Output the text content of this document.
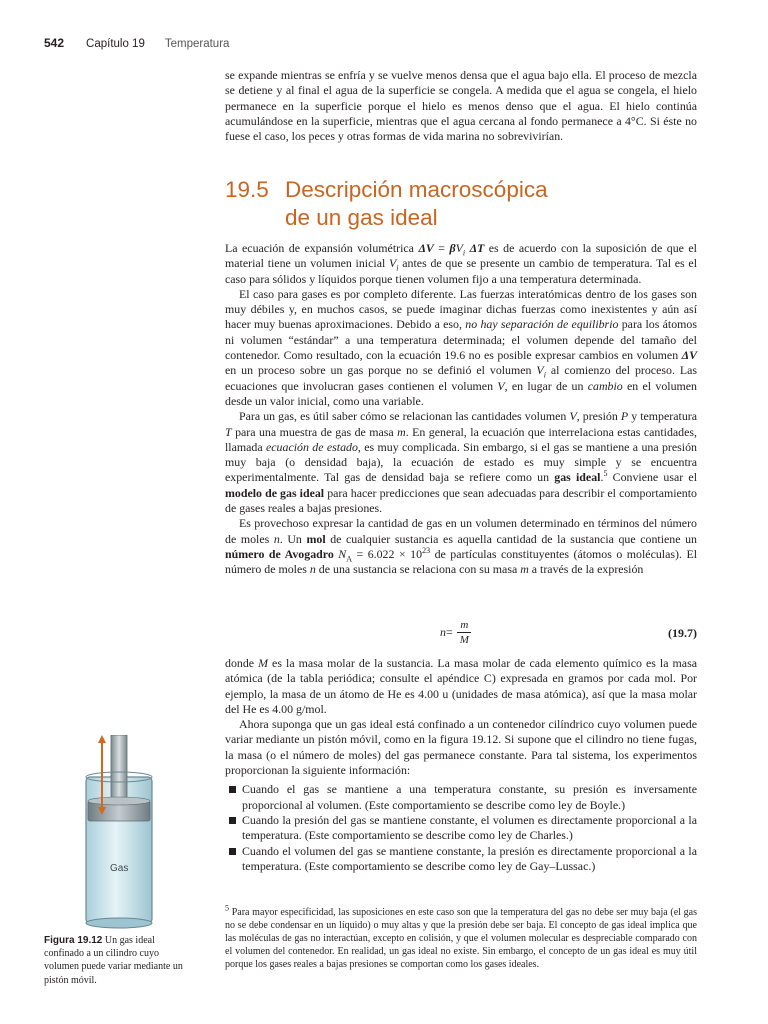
542 Capítulo 19 Temperatura

se expande mientras se enfría y se vuelve menos densa que el agua bajo ella. El proceso de mezcla se detiene y al final el agua de la superficie se congela. A medida que el agua se congela, el hielo permanece en la superficie porque el hielo es menos denso que el agua. El hielo continúa acumulándose en la superficie, mientras que el agua cercana al fondo permanece a 4°C. Si éste no fuese el caso, los peces y otras formas de vida marina no sobrevivirían.

19.5 Descripción macroscópica
de un gas ideal

La ecuación de expansión volumétrica $\Delta V = \beta V_i$ ΔT es de acuerdo con la suposición de que el material tiene un volumen inicial $V_i$ antes de que se presente un cambio de temperatura. Tal es el caso para sólidos y líquidos porque tienen volumen fijo a una temperatura determinada.

El caso para gases es por completo diferente. Las fuerzas interatómicas dentro de los gases son muy débiles y, en muchos casos, se puede imaginar dichas fuerzas como inexistentes y aún así hacer muy buenas aproximaciones. Debido a eso, no hay separación de equilibrio para los átomos ni volumen “estándar” a una temperatura determinada; el volumen depende del tamaño del contenedor. Como resultado, con la ecuación 19.6 no es posible expresar cambios en volumen ΔV en un proceso sobre un gas porque no se definió el volumen $V_i$ al comienzo del proceso. Las ecuaciones que involucran gases contienen el volumen V, en lugar de un cambio en el volumen desde un valor inicial, como una variable.

Para un gas, es útil saber cómo se relacionan las cantidades volumen V, presión P y temperatura T para una muestra de gas de masa m. En general, la ecuación que interrelaciona estas cantidades, llamada ecuación de estado, es muy complicada. Sin embargo, si el gas se mantiene a una presión muy baja (o densidad baja), la ecuación de estado es muy simple y se encuentra experimentalmente. Tal gas de densidad baja se refiere como un gas ideal.$^5$ Conviene usar el modelo de gas ideal para hacer predicciones que sean adecuadas para describir el comportamiento de gases reales a bajas presiones.

Es provechoso expresar la cantidad de gas en un volumen determinado en términos del número de moles n. Un mol de cualquier sustancia es aquella cantidad de la sustancia que contiene un número de Avogadro $N_A = 6.022 \times 10^{23}$ de partículas constituyentes (átomos o moléculas). El número de moles n de una sustancia se relaciona con su masa m a través de la expresión

$n = \frac{m}{M}$	(19.7)

donde M es la masa molar de la sustancia. La masa molar de cada elemento químico es la masa atómica (de la tabla periódica; consulte el apéndice C) expresada en gramos por cada mol. Por ejemplo, la masa de un átomo de He es 4.00 u (unidades de masa atómica), así que la masa molar del He es 4.00 g/mol.

Ahora suponga que un gas ideal está confinado a un contenedor cilíndrico cuyo volumen puede variar mediante un pistón móvil, como en la figura 19.12. Si supone que el cilindro no tiene fugas, la masa (o el número de moles) del gas permanece constante. Para tal sistema, los experimentos proporcionan la siguiente información:

Cuando el gas se mantiene a una temperatura constante, su presión es inversamente proporcional al volumen. (Este comportamiento se describe como ley de Boyle.)
Cuando la presión del gas se mantiene constante, el volumen es directamente proporcional a la temperatura. (Este comportamiento se describe como ley de Charles.)
Cuando el volumen del gas se mantiene constante, la presión es directamente proporcional a la temperatura. (Este comportamiento se describe como ley de Gay–Lussac.)
$^5$ Para mayor especificidad, las suposiciones en este caso son que la temperatura del gas no debe ser muy baja (el gas no se debe condensar en un líquido) o muy altas y que la presión debe ser baja. El concepto de gas ideal implica que las moléculas de gas no interactúan, excepto en colisión, y que el volumen molecular es despreciable comparado con el volumen del contenedor. En realidad, un gas ideal no existe. Sin embargo, el concepto de un gas ideal es muy útil porque los gases reales a bajas presiones se comportan como los gases ideales.
Gas
Figura 19.12 Un gas ideal confinado a un cilindro cuyo volumen puede variar mediante un pistón móvil.
